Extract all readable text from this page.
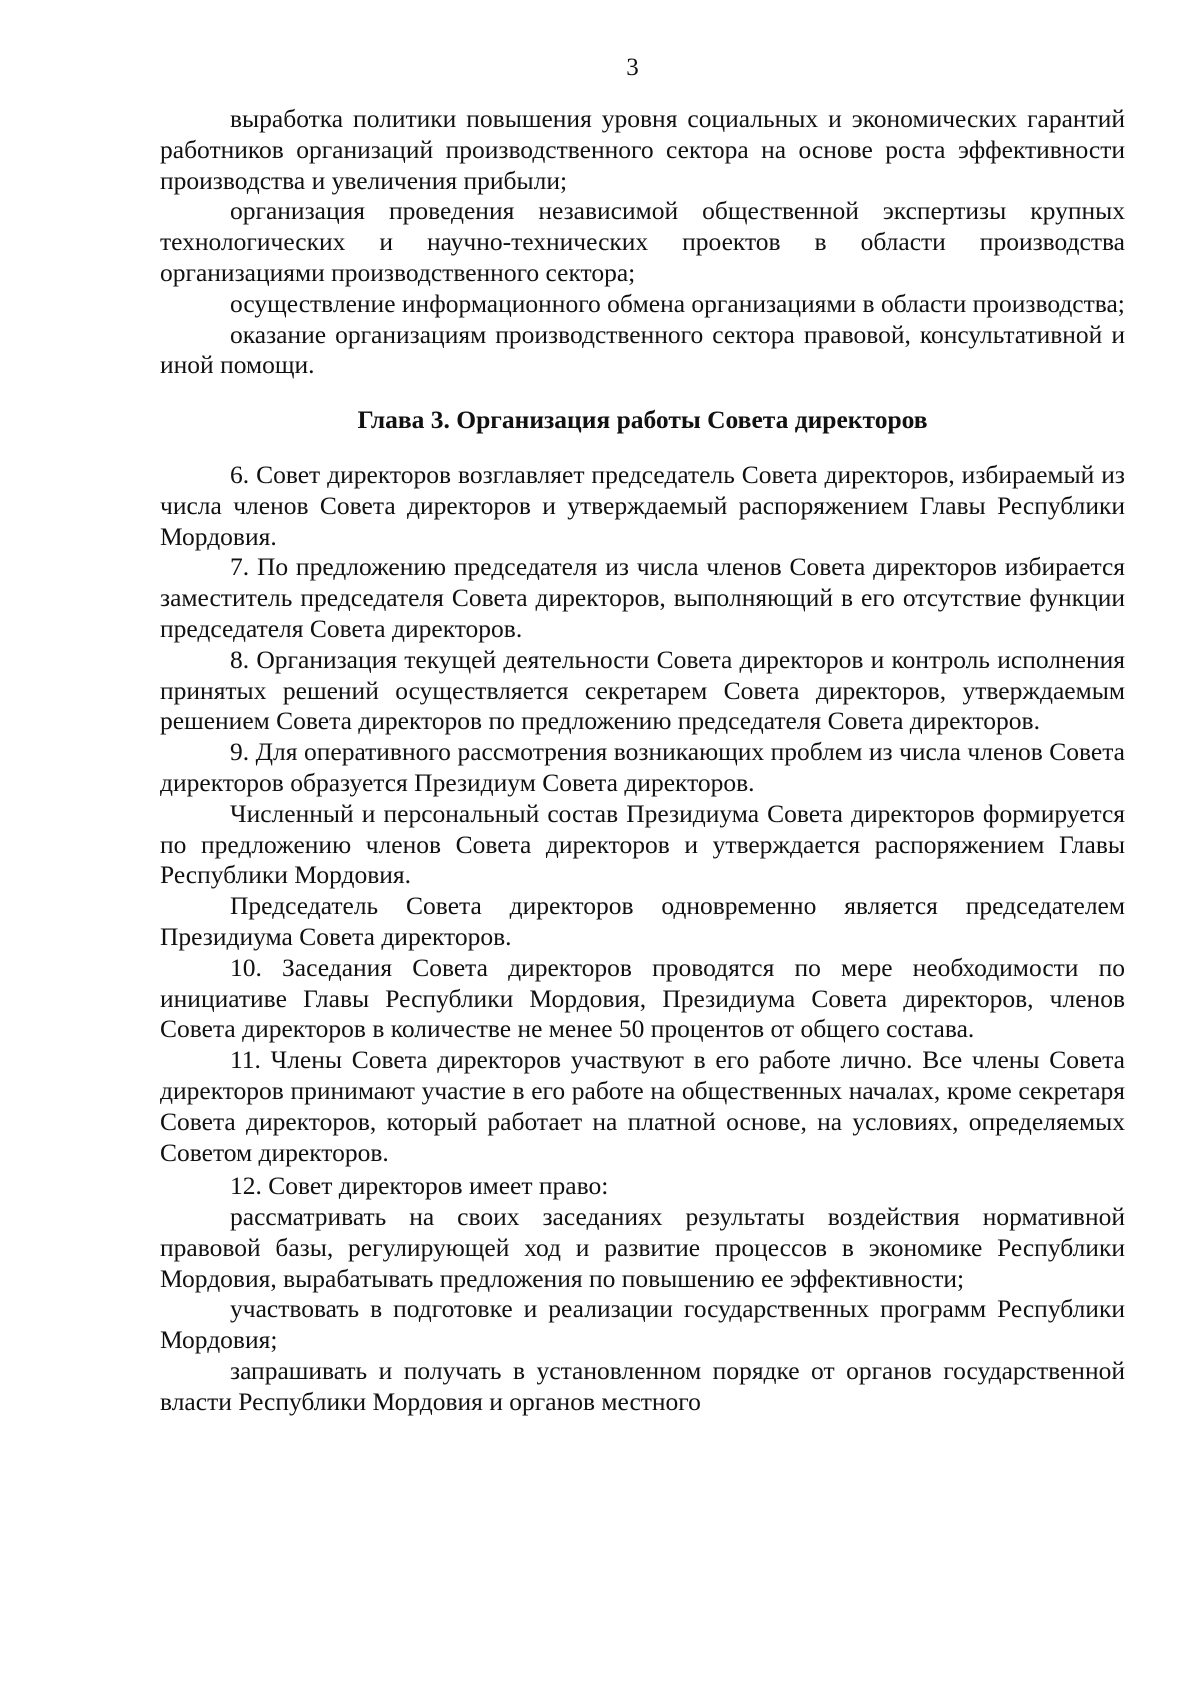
3

выработка политики повышения уровня социальных и экономических гарантий работников организаций производственного сектора на основе роста эффективности производства и увеличения прибыли;

организация проведения независимой общественной экспертизы крупных технологических и научно-технических проектов в области производства организациями производственного сектора;

осуществление информационного обмена организациями в области производства;

оказание организациям производственного сектора правовой, консультативной и иной помощи.

Глава 3. Организация работы Совета директоров

6. Совет директоров возглавляет председатель Совета директоров, избираемый из числа членов Совета директоров и утверждаемый распоряжением Главы Республики Мордовия.

7. По предложению председателя из числа членов Совета директоров избирается заместитель председателя Совета директоров, выполняющий в его отсутствие функции председателя Совета директоров.

8. Организация текущей деятельности Совета директоров и контроль исполнения принятых решений осуществляется секретарем Совета директоров, утверждаемым решением Совета директоров по предложению председателя Совета директоров.

9. Для оперативного рассмотрения возникающих проблем из числа членов Совета директоров образуется Президиум Совета директоров.

Численный и персональный состав Президиума Совета директоров формируется по предложению членов Совета директоров и утверждается распоряжением Главы Республики Мордовия.

Председатель Совета директоров одновременно является председателем Президиума Совета директоров.

10. Заседания Совета директоров проводятся по мере необходимости по инициативе Главы Республики Мордовия, Президиума Совета директоров, членов Совета директоров в количестве не менее 50 процентов от общего состава.

11. Члены Совета директоров участвуют в его работе лично. Все члены Совета директоров принимают участие в его работе на общественных началах, кроме секретаря Совета директоров, который работает на платной основе, на условиях, определяемых Советом директоров.

12. Совет директоров имеет право:

рассматривать на своих заседаниях результаты воздействия нормативной правовой базы, регулирующей ход и развитие процессов в экономике Республики Мордовия, вырабатывать предложения по повышению ее эффективности;

участвовать в подготовке и реализации государственных программ Республики Мордовия;

запрашивать и получать в установленном порядке от органов государственной власти Республики Мордовия и органов местного
